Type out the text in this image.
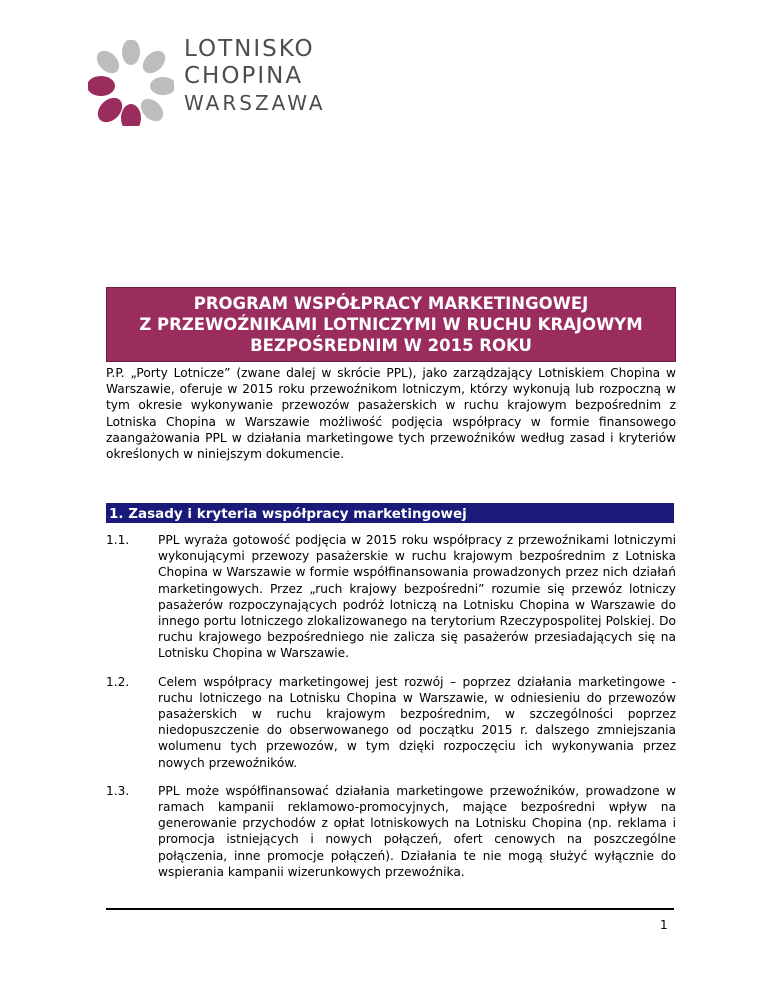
LOTNISKO
CHOPINA
WARSZAWA
PROGRAM WSPÓŁPRACY MARKETINGOWEJ
Z PRZEWOŹNIKAMI LOTNICZYMI W RUCHU KRAJOWYM
BEZPOŚREDNIM W 2015 ROKU
P.P. „Porty Lotnicze” (zwane dalej w skrócie PPL), jako zarządzający Lotniskiem Chopina w Warszawie, oferuje w 2015 roku przewoźnikom lotniczym, którzy wykonują lub rozpoczną w tym okresie wykonywanie przewozów pasażerskich w ruchu krajowym bezpośrednim z Lotniska Chopina w Warszawie możliwość podjęcia współpracy w formie finansowego zaangażowania PPL w działania marketingowe tych przewoźników według zasad i kryteriów określonych w niniejszym dokumencie.
1. Zasady i kryteria współpracy marketingowej
1.1.	PPL wyraża gotowość podjęcia w 2015 roku współpracy z przewoźnikami lotniczymi wykonującymi przewozy pasażerskie w ruchu krajowym bezpośrednim z Lotniska Chopina w Warszawie w formie współfinansowania prowadzonych przez nich działań marketingowych. Przez „ruch krajowy bezpośredni” rozumie się przewóz lotniczy pasażerów rozpoczynających podróż lotniczą na Lotnisku Chopina w Warszawie do innego portu lotniczego zlokalizowanego na terytorium Rzeczypospolitej Polskiej. Do ruchu krajowego bezpośredniego nie zalicza się pasażerów przesiadających się na Lotnisku Chopina w Warszawie.
1.2.	Celem współpracy marketingowej jest rozwój – poprzez działania marketingowe - ruchu lotniczego na Lotnisku Chopina w Warszawie, w odniesieniu do przewozów pasażerskich w ruchu krajowym bezpośrednim, w szczególności poprzez niedopuszczenie do obserwowanego od początku 2015 r. dalszego zmniejszania wolumenu tych przewozów, w tym dzięki rozpoczęciu ich wykonywania przez nowych przewoźników.
1.3.	PPL może współfinansować działania marketingowe przewoźników, prowadzone w ramach kampanii reklamowo-promocyjnych, mające bezpośredni wpływ na generowanie przychodów z opłat lotniskowych na Lotnisku Chopina (np. reklama i promocja istniejących i nowych połączeń, ofert cenowych na poszczególne połączenia, inne promocje połączeń). Działania te nie mogą służyć wyłącznie do wspierania kampanii wizerunkowych przewoźnika.
1
